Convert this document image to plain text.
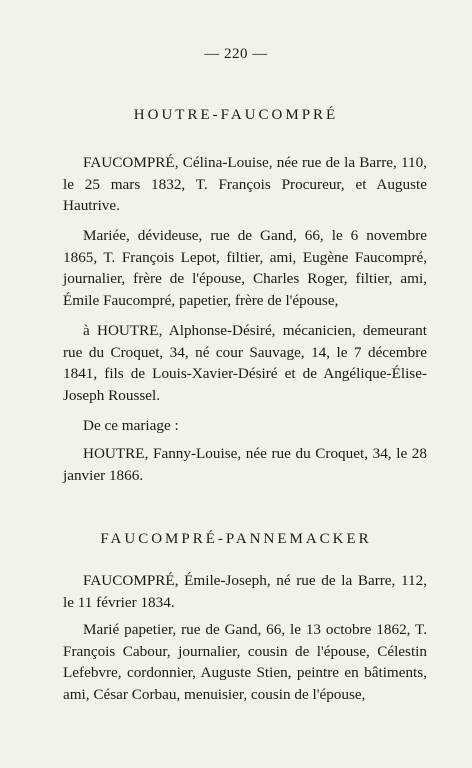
— 220 —
HOUTRE-FAUCOMPRÉ

FAUCOMPRÉ, Célina-Louise, née rue de la Barre, 110, le 25 mars 1832, T. François Procureur, et Auguste Hautrive.

Mariée, dévideuse, rue de Gand, 66, le 6 novembre 1865, T. François Lepot, filtier, ami, Eugène Faucompré, journalier, frère de l'épouse, Charles Roger, filtier, ami, Émile Faucompré, papetier, frère de l'épouse,

à HOUTRE, Alphonse-Désiré, mécanicien, demeurant rue du Croquet, 34, né cour Sauvage, 14, le 7 décembre 1841, fils de Louis-Xavier-Désiré et de Angélique-Élise-Joseph Roussel.

De ce mariage :

HOUTRE, Fanny-Louise, née rue du Croquet, 34, le 28 janvier 1866.

FAUCOMPRÉ-PANNEMACKER

FAUCOMPRÉ, Émile-Joseph, né rue de la Barre, 112, le 11 février 1834.

Marié papetier, rue de Gand, 66, le 13 octobre 1862, T. François Cabour, journalier, cousin de l'épouse, Célestin Lefebvre, cordonnier, Auguste Stien, peintre en bâtiments, ami, César Corbau, menuisier, cousin de l'épouse,
